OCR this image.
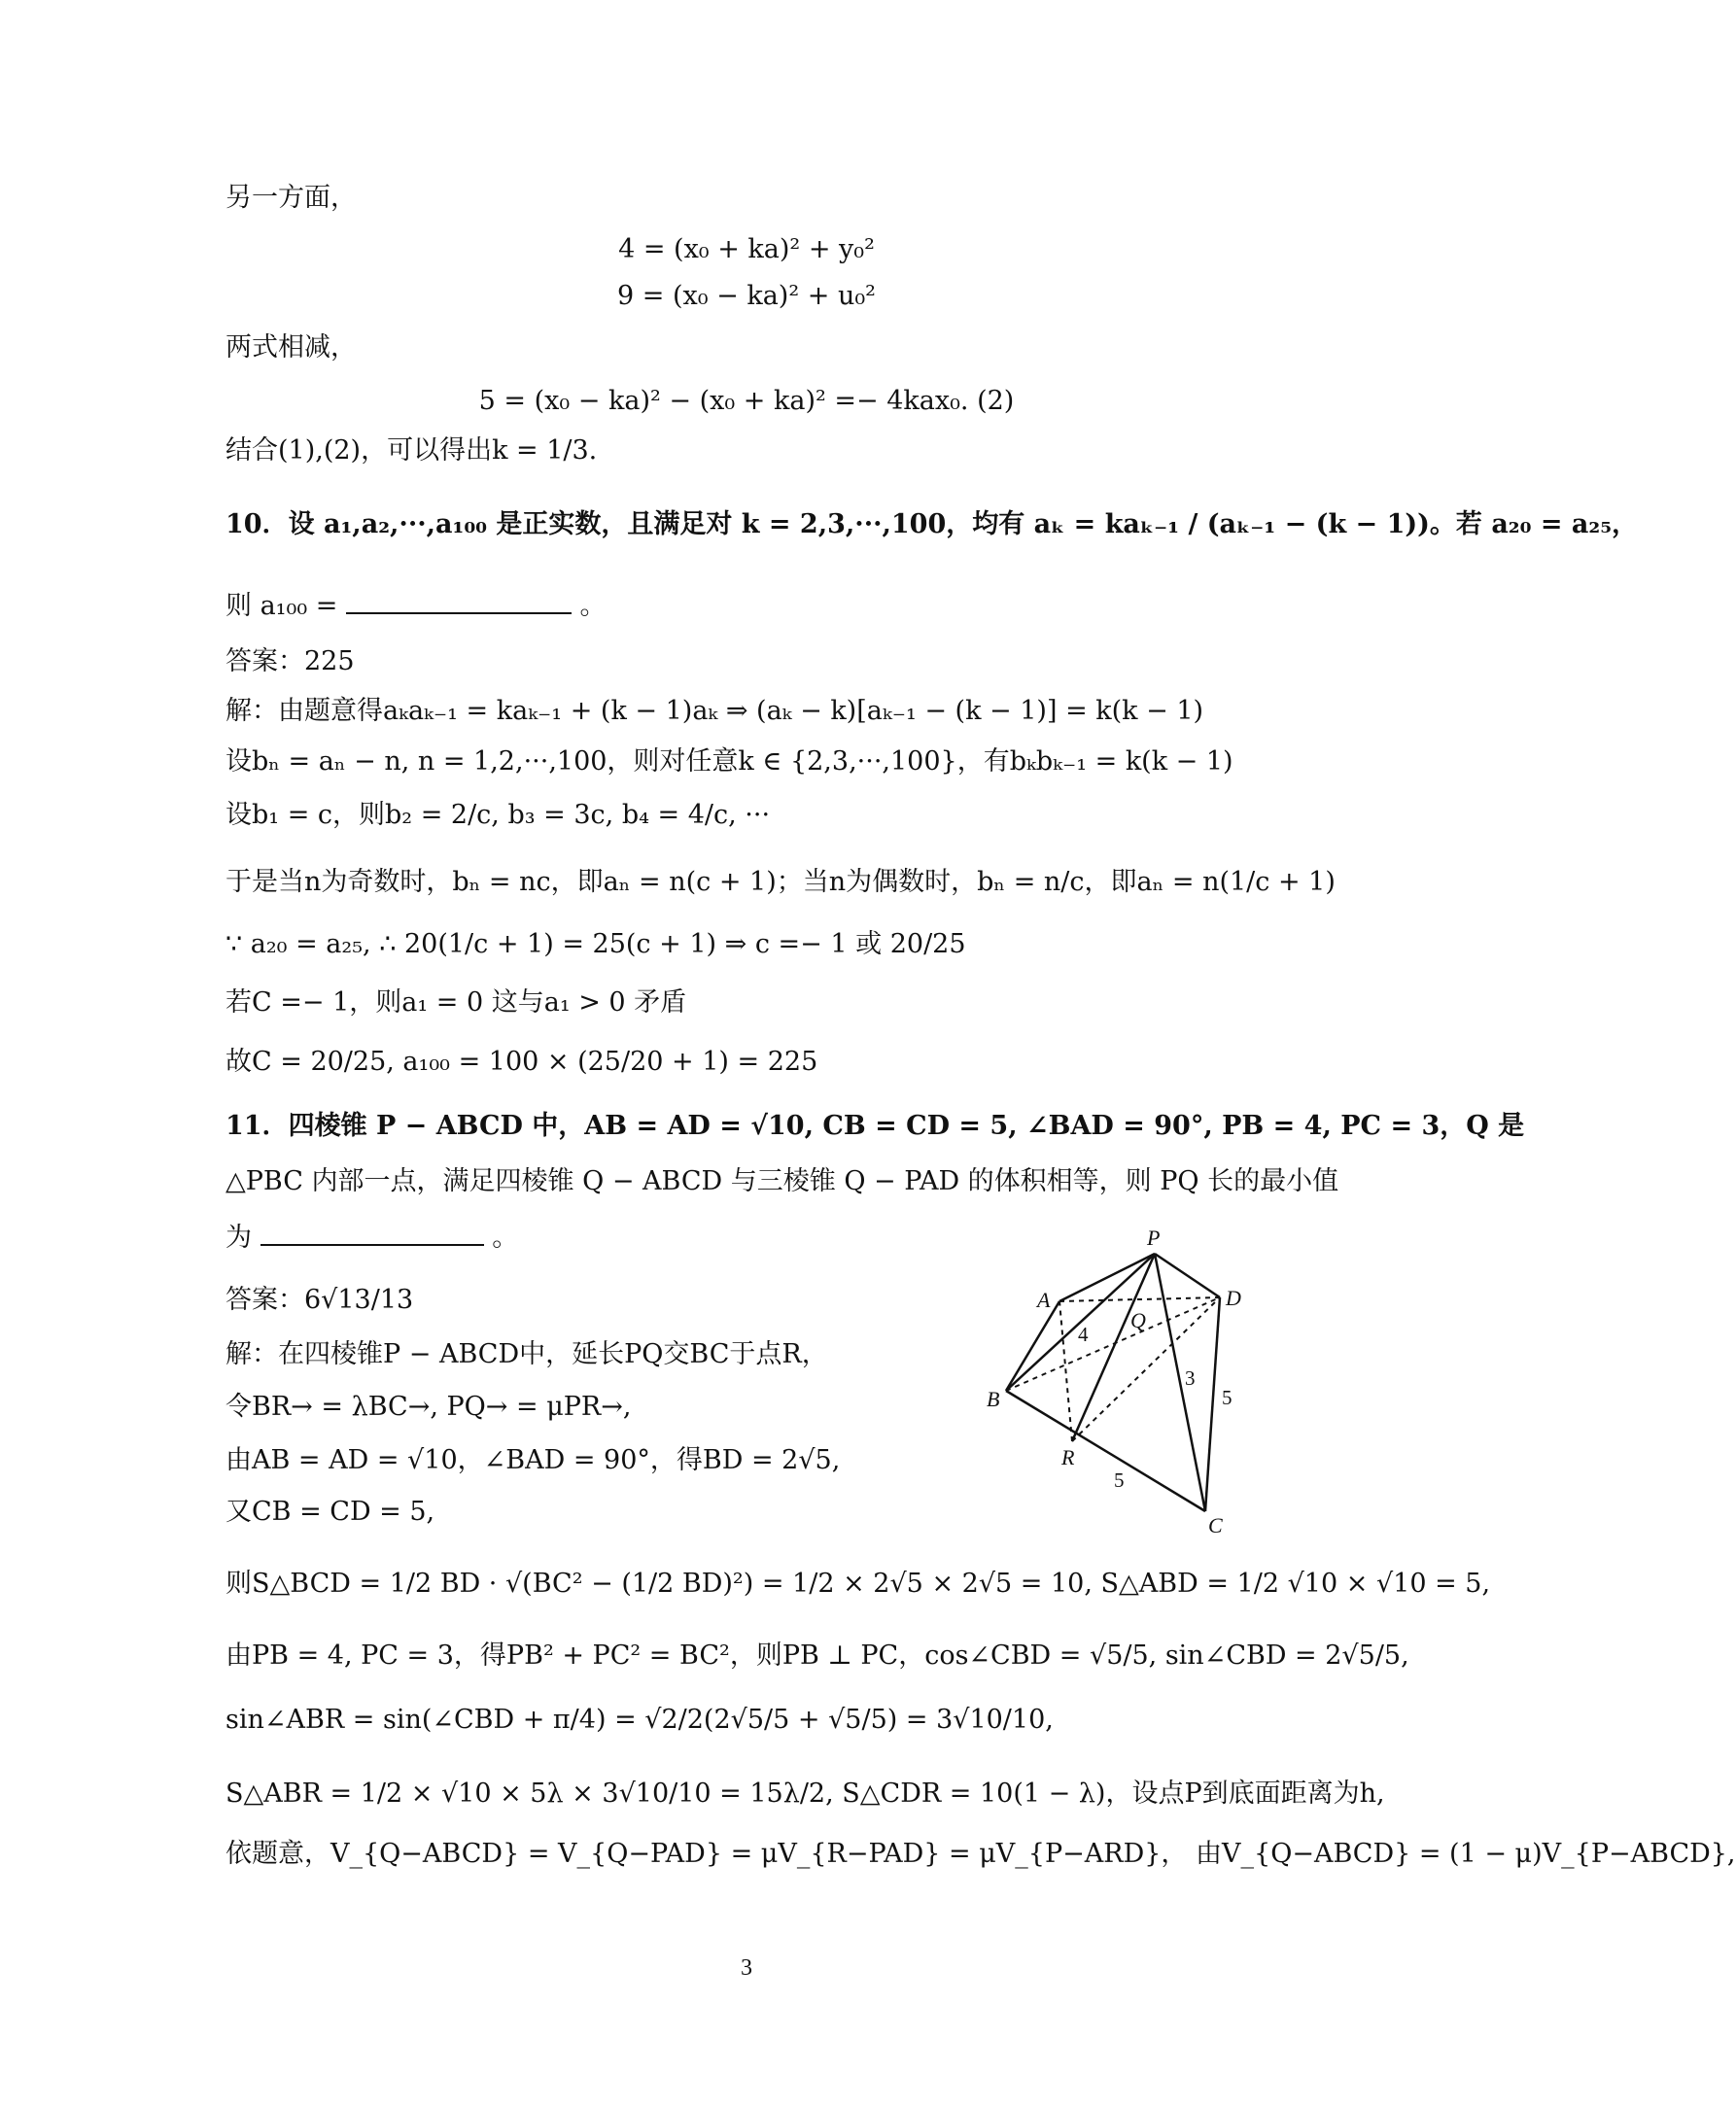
另一方面，
4 = (x₀ + ka)² + y₀²
9 = (x₀ − ka)² + u₀²
两式相减，
5 = (x₀ − ka)² − (x₀ + ka)² =− 4kax₀. (2)
结合(1),(2)，可以得出k = 1/3.
10．设 a₁,a₂,···,a₁₀₀ 是正实数，且满足对 k = 2,3,···,100，均有 aₖ = kaₖ₋₁ / (aₖ₋₁ − (k − 1))。若 a₂₀ = a₂₅，
则 a₁₀₀ =	。
答案：225
解：由题意得aₖaₖ₋₁ = kaₖ₋₁ + (k − 1)aₖ ⇒ (aₖ − k)[aₖ₋₁ − (k − 1)] = k(k − 1)
设bₙ = aₙ − n, n = 1,2,···,100，则对任意k ∈ {2,3,···,100}，有bₖbₖ₋₁ = k(k − 1)
设b₁ = c，则b₂ = 2/c, b₃ = 3c, b₄ = 4/c, ···
于是当n为奇数时，bₙ = nc，即aₙ = n(c + 1)；当n为偶数时，bₙ = n/c，即aₙ = n(1/c + 1)
∵ a₂₀ = a₂₅, ∴ 20(1/c + 1) = 25(c + 1) ⇒ c =− 1 或 20/25
若C =− 1，则a₁ = 0 这与a₁ > 0 矛盾
故C = 20/25, a₁₀₀ = 100 × (25/20 + 1) = 225
11．四棱锥 P − ABCD 中，AB = AD = √10, CB = CD = 5, ∠BAD = 90°, PB = 4, PC = 3，Q 是
△PBC 内部一点，满足四棱锥 Q − ABCD 与三棱锥 Q − PAD 的体积相等，则 PQ 长的最小值
为	。
答案：6√13/13
解：在四棱锥P − ABCD中，延长PQ交BC于点R，
令BR→ = λBC→, PQ→ = μPR→,
由AB = AD = √10，∠BAD = 90°，得BD = 2√5,
又CB = CD = 5,
则S△BCD = 1/2 BD · √(BC² − (1/2 BD)²) = 1/2 × 2√5 × 2√5 = 10, S△ABD = 1/2 √10 × √10 = 5,
由PB = 4, PC = 3，得PB² + PC² = BC²，则PB ⊥ PC，cos∠CBD = √5/5, sin∠CBD = 2√5/5,
sin∠ABR = sin(∠CBD + π/4) = √2/2(2√5/5 + √5/5) = 3√10/10,
S△ABR = 1/2 × √10 × 5λ × 3√10/10 = 15λ/2, S△CDR = 10(1 − λ)，设点P到底面距离为h,
依题意，V_{Q−ABCD} = V_{Q−PAD} = μV_{R−PAD} = μV_{P−ARD}， 由V_{Q−ABCD} = (1 − μ)V_{P−ABCD},
P
A	D
Q
B
R
C
4
3
5
5
3
